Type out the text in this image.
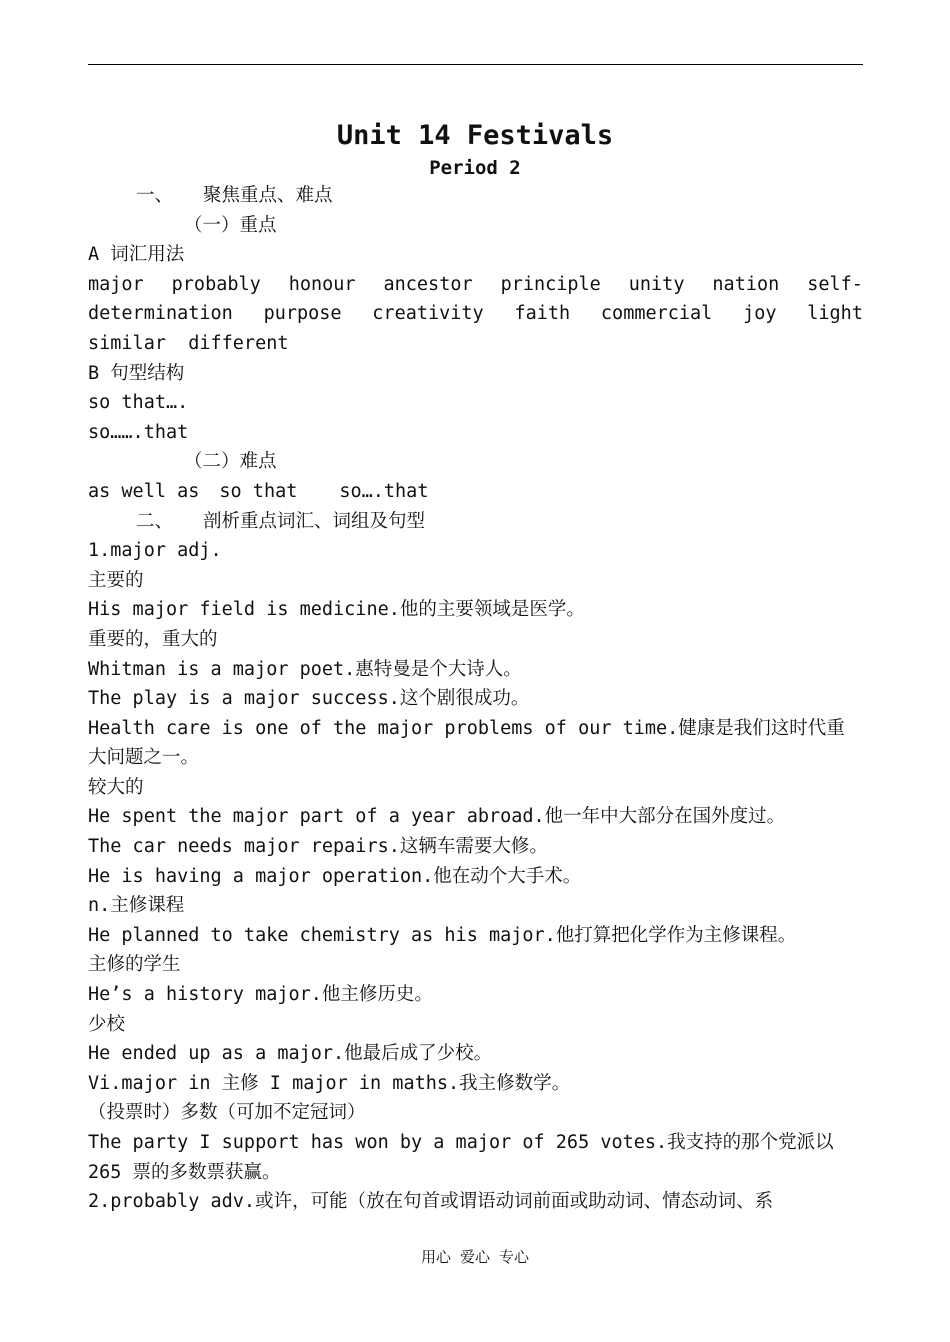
Unit 14 Festivals
Period 2
一、 聚焦重点、难点
（一）重点
A 词汇用法
major probably honour ancestor principle unity nation self-
determination purpose creativity faith commercial joy light
similar  different
B 句型结构
so that….
so…….that
（二）难点
as well as so that so….that
二、 剖析重点词汇、词组及句型
1.major adj.
主要的
His major field is medicine.他的主要领域是医学。
重要的，重大的
Whitman is a major poet.惠特曼是个大诗人。
The play is a major success.这个剧很成功。
Health care is one of the major problems of our time.健康是我们这时代重
大问题之一。
较大的
He spent the major part of a year abroad.他一年中大部分在国外度过。
The car needs major repairs.这辆车需要大修。
He is having a major operation.他在动个大手术。
n.主修课程
He planned to take chemistry as his major.他打算把化学作为主修课程。
主修的学生
He’s a history major.他主修历史。
少校
He ended up as a major.他最后成了少校。
Vi.major in 主修 I major in maths.我主修数学。
（投票时）多数（可加不定冠词）
The party I support has won by a major of 265 votes.我支持的那个党派以
265 票的多数票获赢。
2.probably adv.或许，可能（放在句首或谓语动词前面或助动词、情态动词、系
用心 爱心 专心
